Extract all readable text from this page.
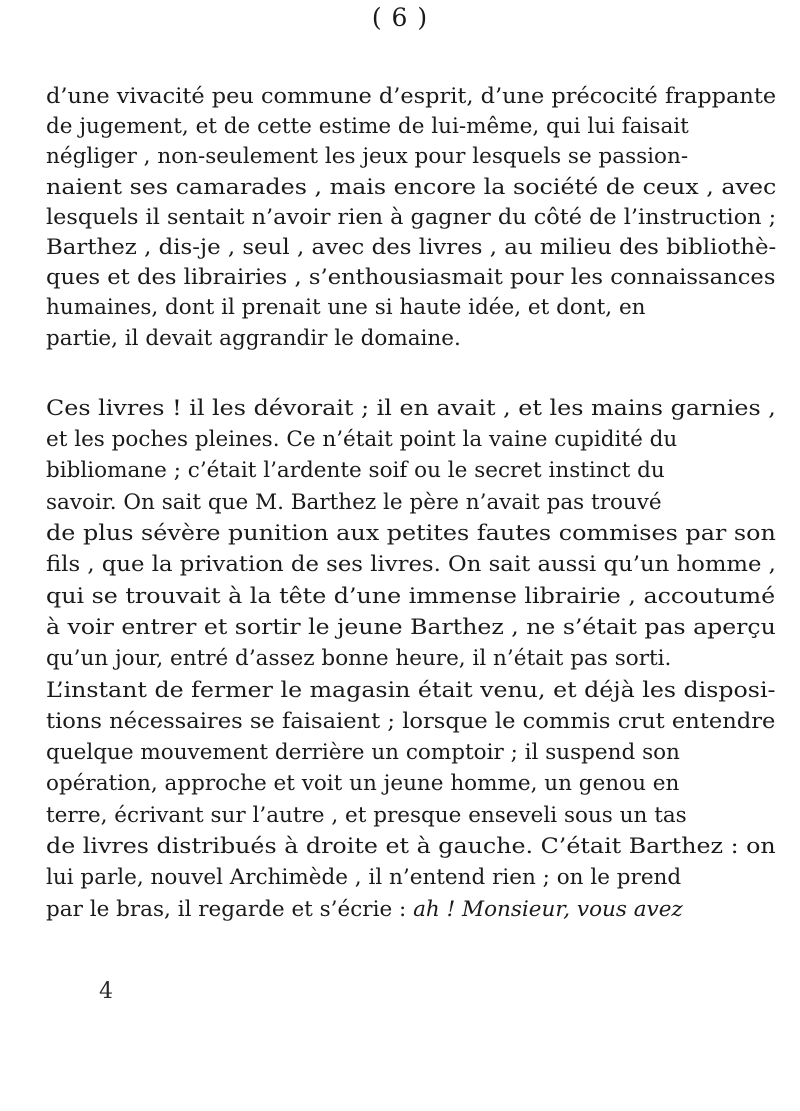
( 6 )
4
d’une vivacité peu commune d’esprit, d’une précocité frappante
de jugement, et de cette estime de lui-même, qui lui faisait
négliger , non-seulement les jeux pour lesquels se passion-
naient ses camarades , mais encore la société de ceux , avec
lesquels il sentait n’avoir rien à gagner du côté de l’instruction ;
Barthez , dis-je , seul , avec des livres , au milieu des bibliothè-
ques et des librairies , s’enthousiasmait pour les connaissances
humaines, dont il prenait une si haute idée, et dont, en
partie, il devait aggrandir le domaine.
Ces livres ! il les dévorait ; il en avait , et les mains garnies ,
et les poches pleines. Ce n’était point la vaine cupidité du
bibliomane ; c’était l’ardente soif ou le secret instinct du
savoir. On sait que M. Barthez le père n’avait pas trouvé
de plus sévère punition aux petites fautes commises par son
fils , que la privation de ses livres. On sait aussi qu’un homme ,
qui se trouvait à la tête d’une immense librairie , accoutumé
à voir entrer et sortir le jeune Barthez , ne s’était pas aperçu
qu’un jour, entré d’assez bonne heure, il n’était pas sorti.
L’instant de fermer le magasin était venu, et déjà les disposi-
tions nécessaires se faisaient ; lorsque le commis crut entendre
quelque mouvement derrière un comptoir ; il suspend son
opération, approche et voit un jeune homme, un genou en
terre, écrivant sur l’autre , et presque enseveli sous un tas
de livres distribués à droite et à gauche. C’était Barthez : on
lui parle, nouvel Archimède , il n’entend rien ; on le prend
par le bras, il regarde et s’écrie : ah ! Monsieur, vous avez
